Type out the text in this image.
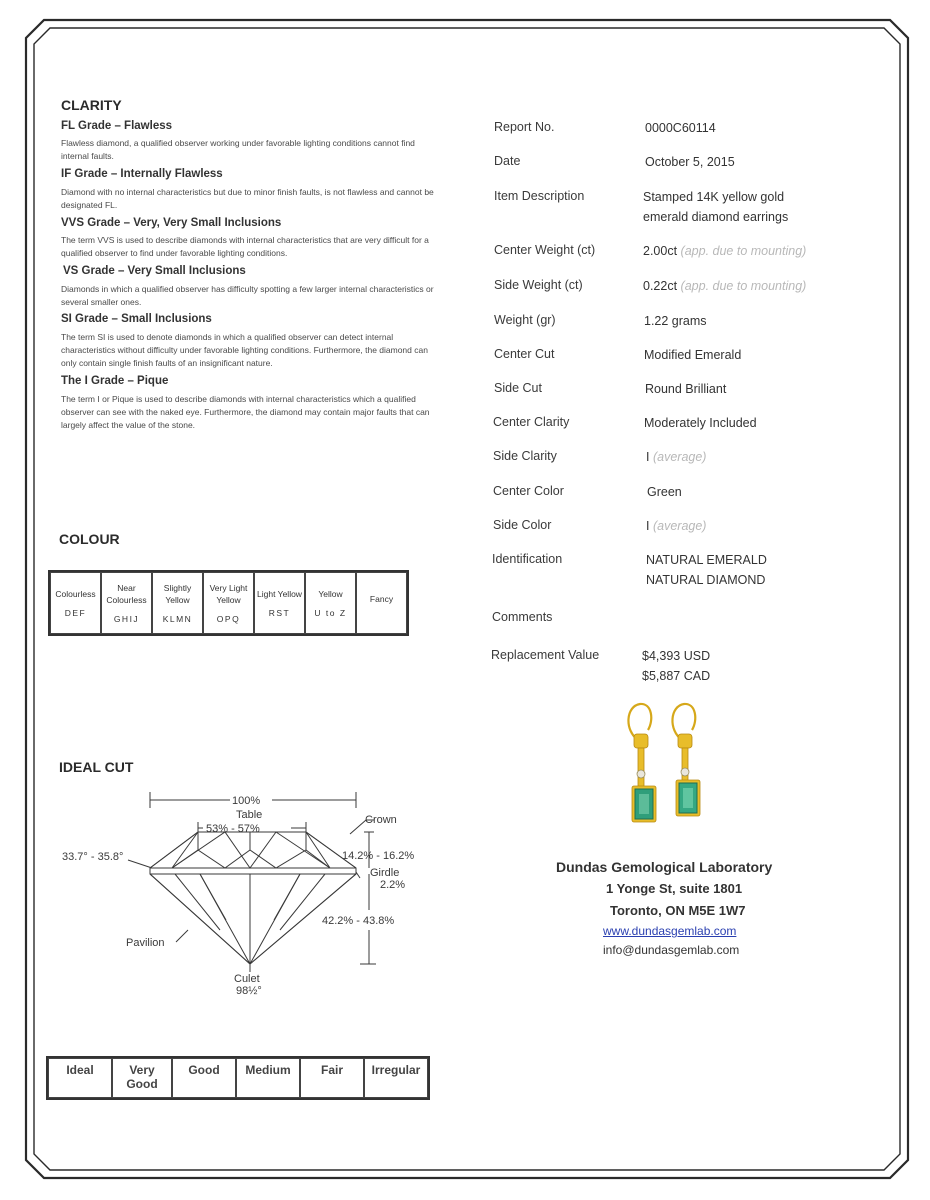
CLARITY
FL Grade – Flawless
Flawless diamond, a qualified observer working under favorable lighting conditions cannot find internal faults.
IF Grade – Internally Flawless
Diamond with no internal characteristics but due to minor finish faults, is not flawless and cannot be designated FL.
VVS Grade – Very, Very Small Inclusions
The term VVS is used to describe diamonds with internal characteristics that are very difficult for a qualified observer to find under favorable lighting conditions.
VS Grade – Very Small Inclusions
Diamonds in which a qualified observer has difficulty spotting a few larger internal characteristics or several smaller ones.
SI Grade – Small Inclusions
The term SI is used to denote diamonds in which a qualified observer can detect internal characteristics without difficulty under favorable lighting conditions. Furthermore, the diamond can only contain single finish faults of an insignificant nature.
The I Grade – Pique
The term I or Pique is used to describe diamonds with internal characteristics which a qualified observer can see with the naked eye. Furthermore, the diamond may contain major faults that can largely affect the value of the stone.
COLOUR
Colourless
DEF

Near Colourless
GHIJ

Slightly Yellow
KLMN

Very Light Yellow
OPQ

Light Yellow
RST

Yellow
U to Z

Fancy
IDEAL CUT
100%
Table
53% - 57%
Crown
33.7° - 35.8°	14.2% - 16.2%
Girdle
2.2%
42.2% - 43.8%
Pavilion
Culet
98½°
Ideal	Very Good	Good	Medium	Fair	Irregular
Report No.	0000C60114
Date	October 5, 2015
Item Description	Stamped 14K yellow gold
emerald diamond earrings
Center Weight (ct)	2.00ct (app. due to mounting)
Side Weight (ct)	0.22ct (app. due to mounting)
Weight (gr)	1.22 grams
Center Cut	Modified Emerald
Side Cut	Round Brilliant
Center Clarity	Moderately Included
Side Clarity	I (average)
Center Color	Green
Side Color	I (average)
Identification	NATURAL EMERALD
NATURAL DIAMOND
Comments
Replacement Value	$4,393 USD
$5,887 CAD
Dundas Gemological Laboratory
1 Yonge St, suite 1801
Toronto, ON M5E 1W7
www.dundasgemlab.com
info@dundasgemlab.com
